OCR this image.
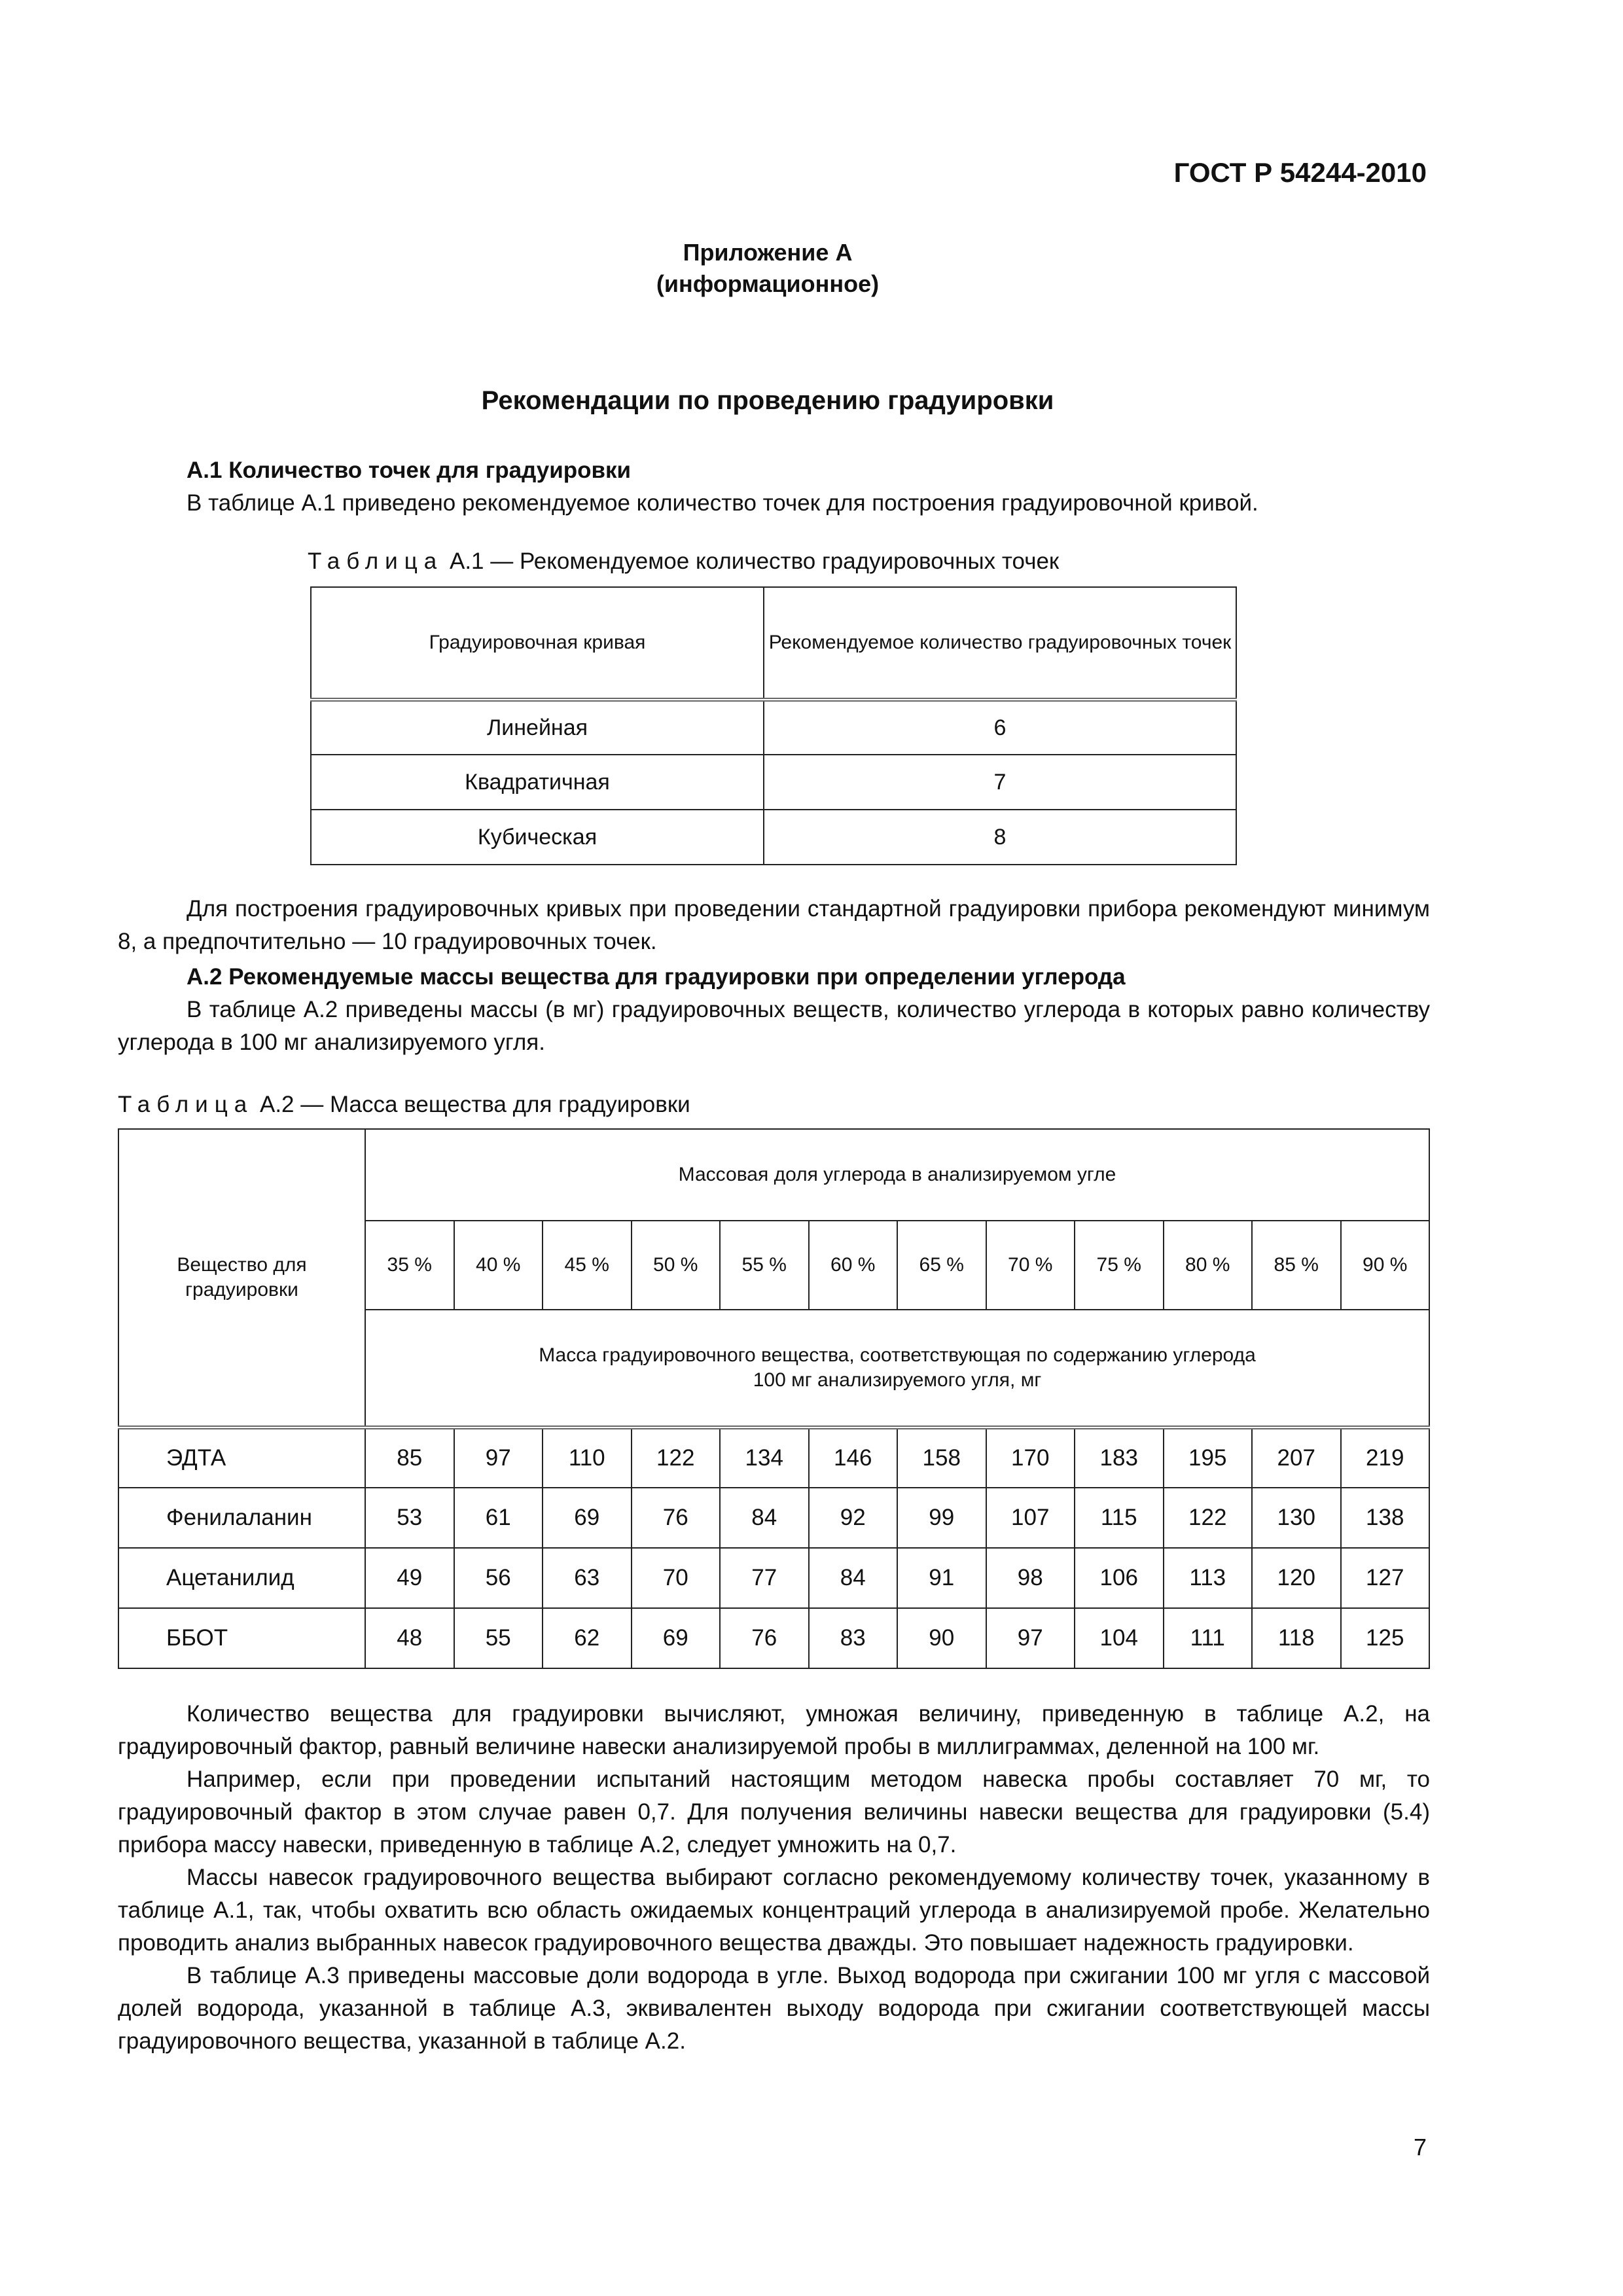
ГОСТ Р 54244-2010
Приложение А
(информационное)
Рекомендации по проведению градуировки

А.1 Количество точек для градуировки

В таблице А.1 приведено рекомендуемое количество точек для построения градуировочной кривой.

Таблица А.1 — Рекомендуемое количество градуировочных точек
Градуировочная кривая	Рекомендуемое количество градуировочных точек
Линейная	6
Квадратичная	7
Кубическая	8

Для построения градуировочных кривых при проведении стандартной градуировки прибора рекомендуют минимум 8, а предпочтительно — 10 градуировочных точек.

А.2 Рекомендуемые массы вещества для градуировки при определении углерода

В таблице А.2 приведены массы (в мг) градуировочных веществ, количество углерода в которых равно количеству углерода в 100 мг анализируемого угля.

Таблица А.2 — Масса вещества для градуировки
Вещество для градуировки	Массовая доля углерода в анализируемом угле											
	35 %	40 %	45 %	50 %	55 %	60 %	65 %	70 %	75 %	80 %	85 %	90 %
	Масса градуировочного вещества, соответствующая по содержанию углерода 100 мг анализируемого угля, мг											
ЭДТА	85	97	110	122	134	146	158	170	183	195	207	219
Фенилаланин	53	61	69	76	84	92	99	107	115	122	130	138
Ацетанилид	49	56	63	70	77	84	91	98	106	113	120	127
ББОТ	48	55	62	69	76	83	90	97	104	111	118	125

Количество вещества для градуировки вычисляют, умножая величину, приведенную в таблице А.2, на градуировочный фактор, равный величине навески анализируемой пробы в миллиграммах, деленной на 100 мг.

Например, если при проведении испытаний настоящим методом навеска пробы составляет 70 мг, то градуировочный фактор в этом случае равен 0,7. Для получения величины навески вещества для градуировки (5.4) прибора массу навески, приведенную в таблице А.2, следует умножить на 0,7.

Массы навесок градуировочного вещества выбирают согласно рекомендуемому количеству точек, указанному в таблице А.1, так, чтобы охватить всю область ожидаемых концентраций углерода в анализируемой пробе. Желательно проводить анализ выбранных навесок градуировочного вещества дважды. Это повышает надежность градуировки.

В таблице А.3 приведены массовые доли водорода в угле. Выход водорода при сжигании 100 мг угля с массовой долей водорода, указанной в таблице А.3, эквивалентен выходу водорода при сжигании соответствующей массы градуировочного вещества, указанной в таблице А.2.

7
